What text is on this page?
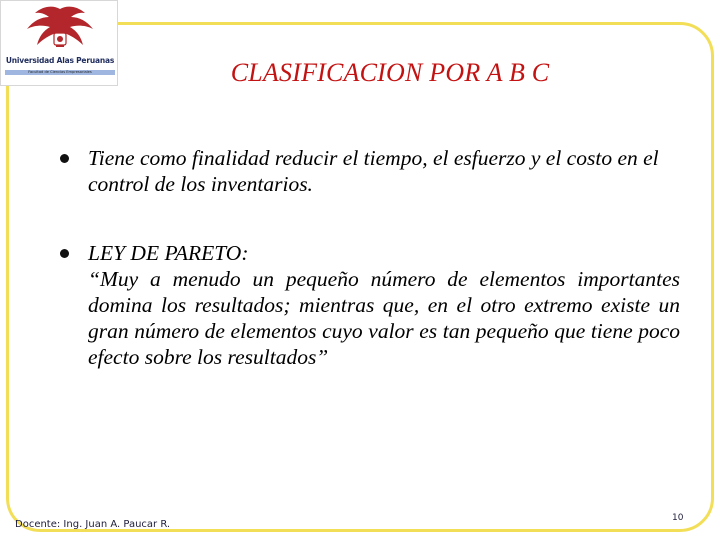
Universidad Alas Peruanas
Facultad de Ciencias Empresariales	CLASIFICACION POR A B C
Tiene como finalidad reducir el tiempo, el esfuerzo y el costo en el control de los inventarios.
LEY DE PARETO:
“Muy a menudo un pequeño número de elementos importantes domina los resultados; mientras que, en el otro extremo existe un gran número de elementos cuyo valor es tan pequeño que tiene poco efecto sobre los resultados”
Docente: Ing. Juan A. Paucar R.
10
